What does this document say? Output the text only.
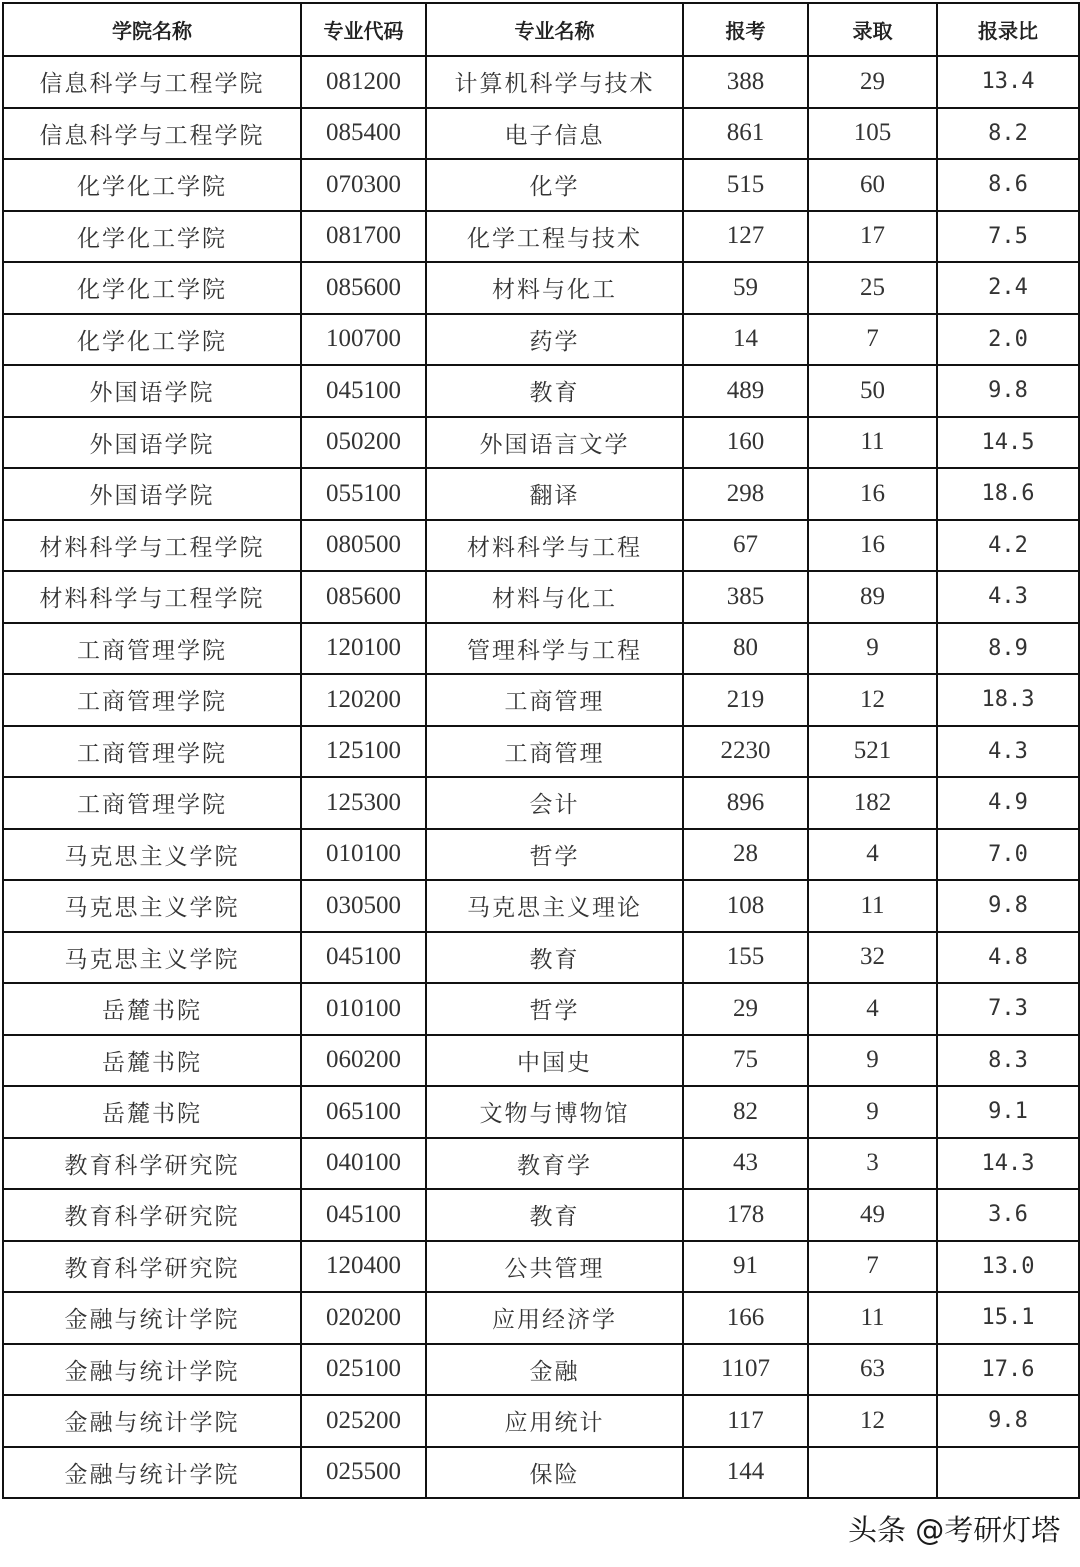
学院名称	专业代码	专业名称	报考	录取	报录比
信息科学与工程学院	081200	计算机科学与技术	388	29	13.4
信息科学与工程学院	085400	电子信息	861	105	8.2
化学化工学院	070300	化学	515	60	8.6
化学化工学院	081700	化学工程与技术	127	17	7.5
化学化工学院	085600	材料与化工	59	25	2.4
化学化工学院	100700	药学	14	7	2.0
外国语学院	045100	教育	489	50	9.8
外国语学院	050200	外国语言文学	160	11	14.5
外国语学院	055100	翻译	298	16	18.6
材料科学与工程学院	080500	材料科学与工程	67	16	4.2
材料科学与工程学院	085600	材料与化工	385	89	4.3
工商管理学院	120100	管理科学与工程	80	9	8.9
工商管理学院	120200	工商管理	219	12	18.3
工商管理学院	125100	工商管理	2230	521	4.3
工商管理学院	125300	会计	896	182	4.9
马克思主义学院	010100	哲学	28	4	7.0
马克思主义学院	030500	马克思主义理论	108	11	9.8
马克思主义学院	045100	教育	155	32	4.8
岳麓书院	010100	哲学	29	4	7.3
岳麓书院	060200	中国史	75	9	8.3
岳麓书院	065100	文物与博物馆	82	9	9.1
教育科学研究院	040100	教育学	43	3	14.3
教育科学研究院	045100	教育	178	49	3.6
教育科学研究院	120400	公共管理	91	7	13.0
金融与统计学院	020200	应用经济学	166	11	15.1
金融与统计学院	025100	金融	1107	63	17.6
金融与统计学院	025200	应用统计	117	12	9.8
金融与统计学院	025500	保险	144		
头条 @考研灯塔
